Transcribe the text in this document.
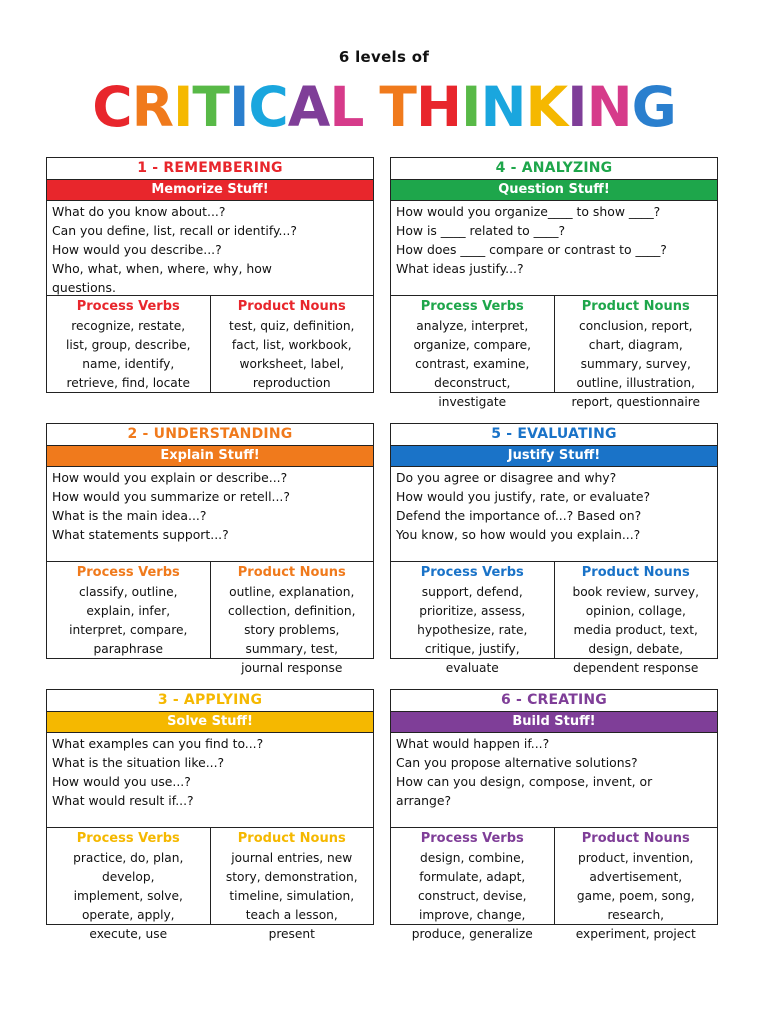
6 levels of
CRITICAL THINKING
1 - REMEMBERING
Memorize Stuff!
What do you know about...?
Can you define, list, recall or identify...?
How would you describe...?
Who, what, when, where, why, how
questions.
Process Verbs
recognize, restate,
list, group, describe,
name, identify,
retrieve, find, locate
Product Nouns
test, quiz, definition,
fact, list, workbook,
worksheet, label,
reproduction
4 - ANALYZING
Question Stuff!
How would you organize____ to show ____?
How is ____ related to ____?
How does ____ compare or contrast to ____?
What ideas justify...?
Process Verbs
analyze, interpret,
organize, compare,
contrast, examine,
deconstruct,
investigate
Product Nouns
conclusion, report,
chart, diagram,
summary, survey,
outline, illustration,
report, questionnaire
2 - UNDERSTANDING
Explain Stuff!
How would you explain or describe...?
How would you summarize or retell...?
What is the main idea...?
What statements support...?
Process Verbs
classify, outline,
explain, infer,
interpret, compare,
paraphrase
Product Nouns
outline, explanation,
collection, definition,
story problems,
summary, test,
journal response
5 - EVALUATING
Justify Stuff!
Do you agree or disagree and why?
How would you justify, rate, or evaluate?
Defend the importance of...? Based on?
You know, so how would you explain...?
Process Verbs
support, defend,
prioritize, assess,
hypothesize, rate,
critique, justify,
evaluate
Product Nouns
book review, survey,
opinion, collage,
media product, text,
design, debate,
dependent response
3 - APPLYING
Solve Stuff!
What examples can you find to...?
What is the situation like...?
How would you use...?
What would result if...?
Process Verbs
practice, do, plan,
develop,
implement, solve,
operate, apply,
execute, use
Product Nouns
journal entries, new
story, demonstration,
timeline, simulation,
teach a lesson,
present
6 - CREATING
Build Stuff!
What would happen if...?
Can you propose alternative solutions?
How can you design, compose, invent, or
arrange?
Process Verbs
design, combine,
formulate, adapt,
construct, devise,
improve, change,
produce, generalize
Product Nouns
product, invention,
advertisement,
game, poem, song,
research,
experiment, project
